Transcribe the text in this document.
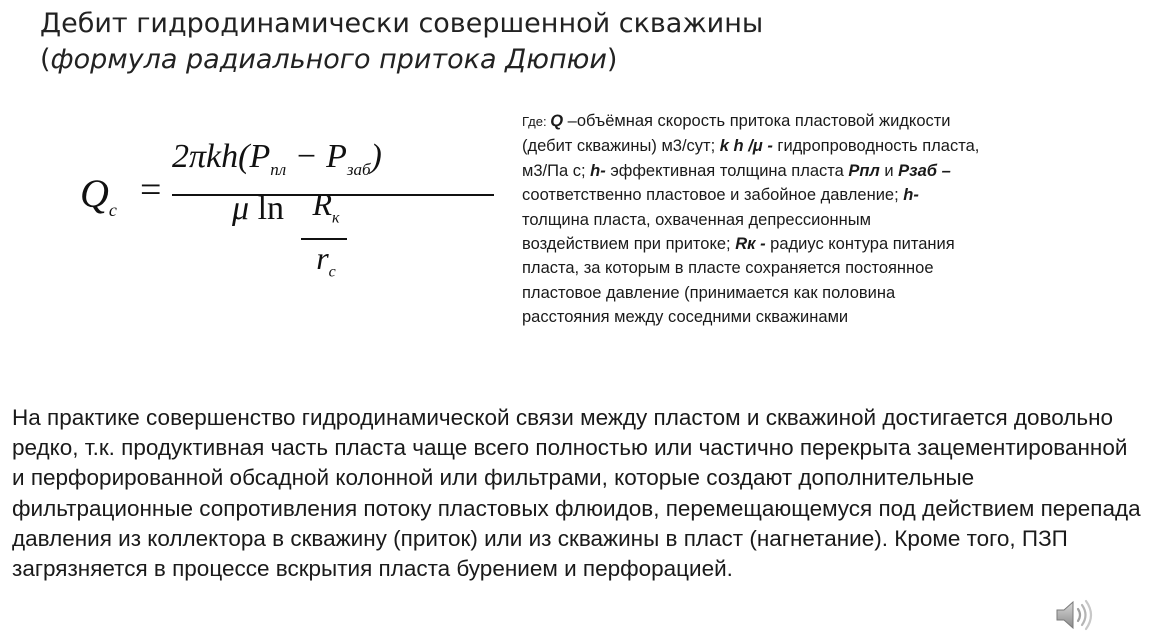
Дебит гидродинамически совершенной скважины
(формула радиального притока Дюпюи)
$Q_c$ =
$2\pi kh(P_{пл} - P_{заб})$
μ $\ln R_к$
$r_c$
Где: Q –объёмная скорость притока пластовой жидкости (дебит скважины) м3/сут; k h /μ - гидропроводность пласта, м3/Па с; h- эффективная толщина пласта Рпл и Рзаб – соответственно пластовое и забойное давление; h- толщина пласта, охваченная депрессионным воздействием при притоке; Rк - радиус контура питания пласта, за которым в пласте сохраняется постоянное пластовое давление (принимается как половина расстояния между соседними скважинами
На практике совершенство гидродинамической связи между пластом и скважиной достигается довольно редко, т.к. продуктивная часть пласта чаще всего полностью или частично перекрыта зацементированной и перфорированной обсадной колонной или фильтрами, которые создают дополнительные фильтрационные сопротивления потоку пластовых флюидов, перемещающемуся под действием перепада давления из коллектора в скважину (приток) или из скважины в пласт (нагнетание). Кроме того, ПЗП загрязняется в процессе вскрытия пласта бурением и перфорацией.
